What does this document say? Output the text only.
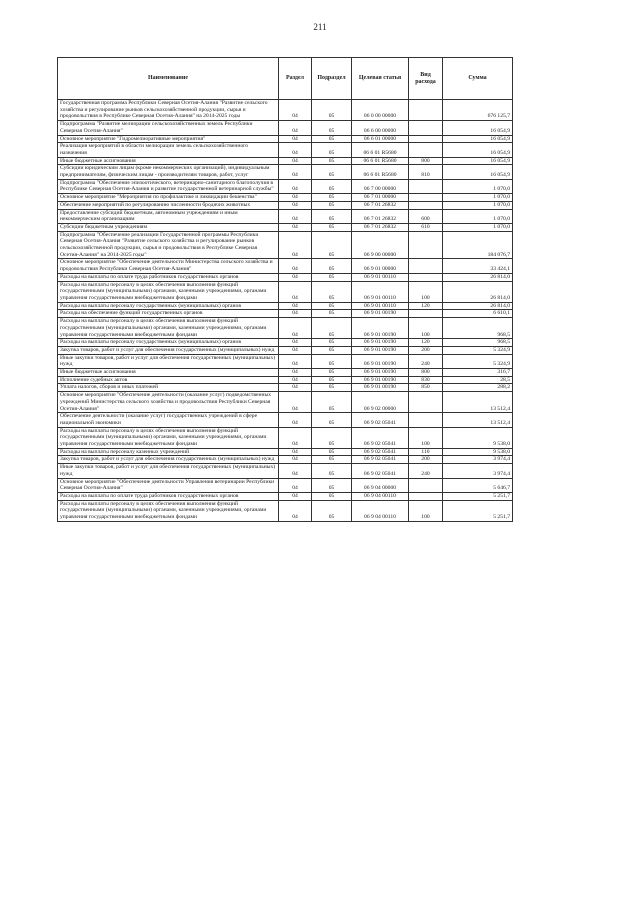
211
Наименование	Раздел	Подраздел	Целевая статья	Вид расхода	Сумма
Государственная программа Республики Северная Осетия-Алания "Развитие сельского хозяйства и регулирование рынков сельскохозяйственной продукции, сырья и продовольствия в Республике Северная Осетия-Алания" на 2014-2025 годы	04	05	06 0 00 00000		676 125,7
Подпрограмма "Развитие мелиорации сельскохозяйственных земель Республики Северная Осетия-Алания"	04	05	06 6 00 00000		16 054,9
Основное мероприятие "Гидромелиоративные мероприятия"	04	05	06 6 01 00000		16 054,9
Реализация мероприятий в области мелиорации земель сельскохозяйственного назначения	04	05	06 6 01 R5680		16 054,9
Иные бюджетные ассигнования	04	05	06 6 01 R5680	800	16 054,9
Субсидии юридическим лицам (кроме некоммерческих организаций), индивидуальным предпринимателям, физическим лицам - производителям товаров, работ, услуг	04	05	06 6 01 R5680	810	16 054,9
Подпрограмма "Обеспечение эпизоотического, ветеринарно-санитарного благополучия в Республике Северная Осетия-Алания и развитие государственной ветеринарной службы"	04	05	06 7 00 00000		1 070,0
Основное мероприятие "Мероприятия по профилактике и ликвидации бешенства"	04	05	06 7 01 00000		1 070,0
Обеспечение мероприятий по регулированию численности бродячих животных	04	05	06 7 01 26832		1 070,0
Предоставление субсидий бюджетным, автономным учреждениям и иным некоммерческим организациям	04	05	06 7 01 26832	600	1 070,0
Субсидии бюджетным учреждениям	04	05	06 7 01 26832	610	1 070,0
Подпрограмма "Обеспечение реализации Государственной программы Республики Северная Осетия-Алания "Развитие сельского хозяйства и регулирование рынков сельскохозяйственной продукции, сырья и продовольствия в Республике Северная Осетия-Алания" на 2014-2025 годы"	04	05	06 9 00 00000		184 076,7
Основное мероприятие "Обеспечение деятельности Министерства сельского хозяйства и продовольствия Республики Северная Осетия-Алания"	04	05	06 9 01 00000		33 424,1
Расходы на выплаты по оплате труда работников государственных органов	04	05	06 9 01 00110		26 814,0
Расходы на выплаты персоналу в целях обеспечения выполнения функций государственными (муниципальными) органами, казенными учреждениями, органами управления государственными внебюджетными фондами	04	05	06 9 01 00110	100	26 814,0
Расходы на выплаты персоналу государственных (муниципальных) органов	04	05	06 9 01 00110	120	26 814,0
Расходы на обеспечение функций государственных органов	04	05	06 9 01 00190		6 610,1
Расходы на выплаты персоналу в целях обеспечения выполнения функций государственными (муниципальными) органами, казенными учреждениями, органами управления государственными внебюджетными фондами	04	05	06 9 01 00190	100	968,5
Расходы на выплаты персоналу государственных (муниципальных) органов	04	05	06 9 01 00190	120	968,5
Закупка товаров, работ и услуг для обеспечения государственных (муниципальных) нужд	04	05	06 9 01 00190	200	5 324,9
Иные закупки товаров, работ и услуг для обеспечения государственных (муниципальных) нужд	04	05	06 9 01 00190	240	5 324,9
Иные бюджетные ассигнования	04	05	06 9 01 00190	800	316,7
Исполнение судебных актов	04	05	06 9 01 00190	830	28,5
Уплата налогов, сборов и иных платежей	04	05	06 9 01 00190	850	288,2
Основное мероприятие "Обеспечение деятельности (оказание услуг) подведомственных учреждений Министерства сельского хозяйства и продовольствия Республики Северная Осетия-Алания"	04	05	06 9 02 00000		13 512,4
Обеспечение деятельности (оказание услуг) государственных учреждений в сфере национальной экономики	04	05	06 9 02 05041		13 512,4
Расходы на выплаты персоналу в целях обеспечения выполнения функций государственными (муниципальными) органами, казенными учреждениями, органами управления государственными внебюджетными фондами	04	05	06 9 02 05041	100	9 538,0
Расходы на выплаты персоналу казенных учреждений	04	05	06 9 02 05041	110	9 538,0
Закупка товаров, работ и услуг для обеспечения государственных (муниципальных) нужд	04	05	06 9 02 05041	200	3 974,4
Иные закупки товаров, работ и услуг для обеспечения государственных (муниципальных) нужд	04	05	06 9 02 05041	240	3 974,4
Основное мероприятие "Обеспечение деятельности Управления ветеринарии Республики Северная Осетия-Алания"	04	05	06 9 04 00000		5 646,7
Расходы на выплаты по оплате труда работников государственных органов	04	05	06 9 04 00110		5 251,7
Расходы на выплаты персоналу в целях обеспечения выполнения функций государственными (муниципальными) органами, казенными учреждениями, органами управления государственными внебюджетными фондами	04	05	06 9 04 00110	100	5 251,7
